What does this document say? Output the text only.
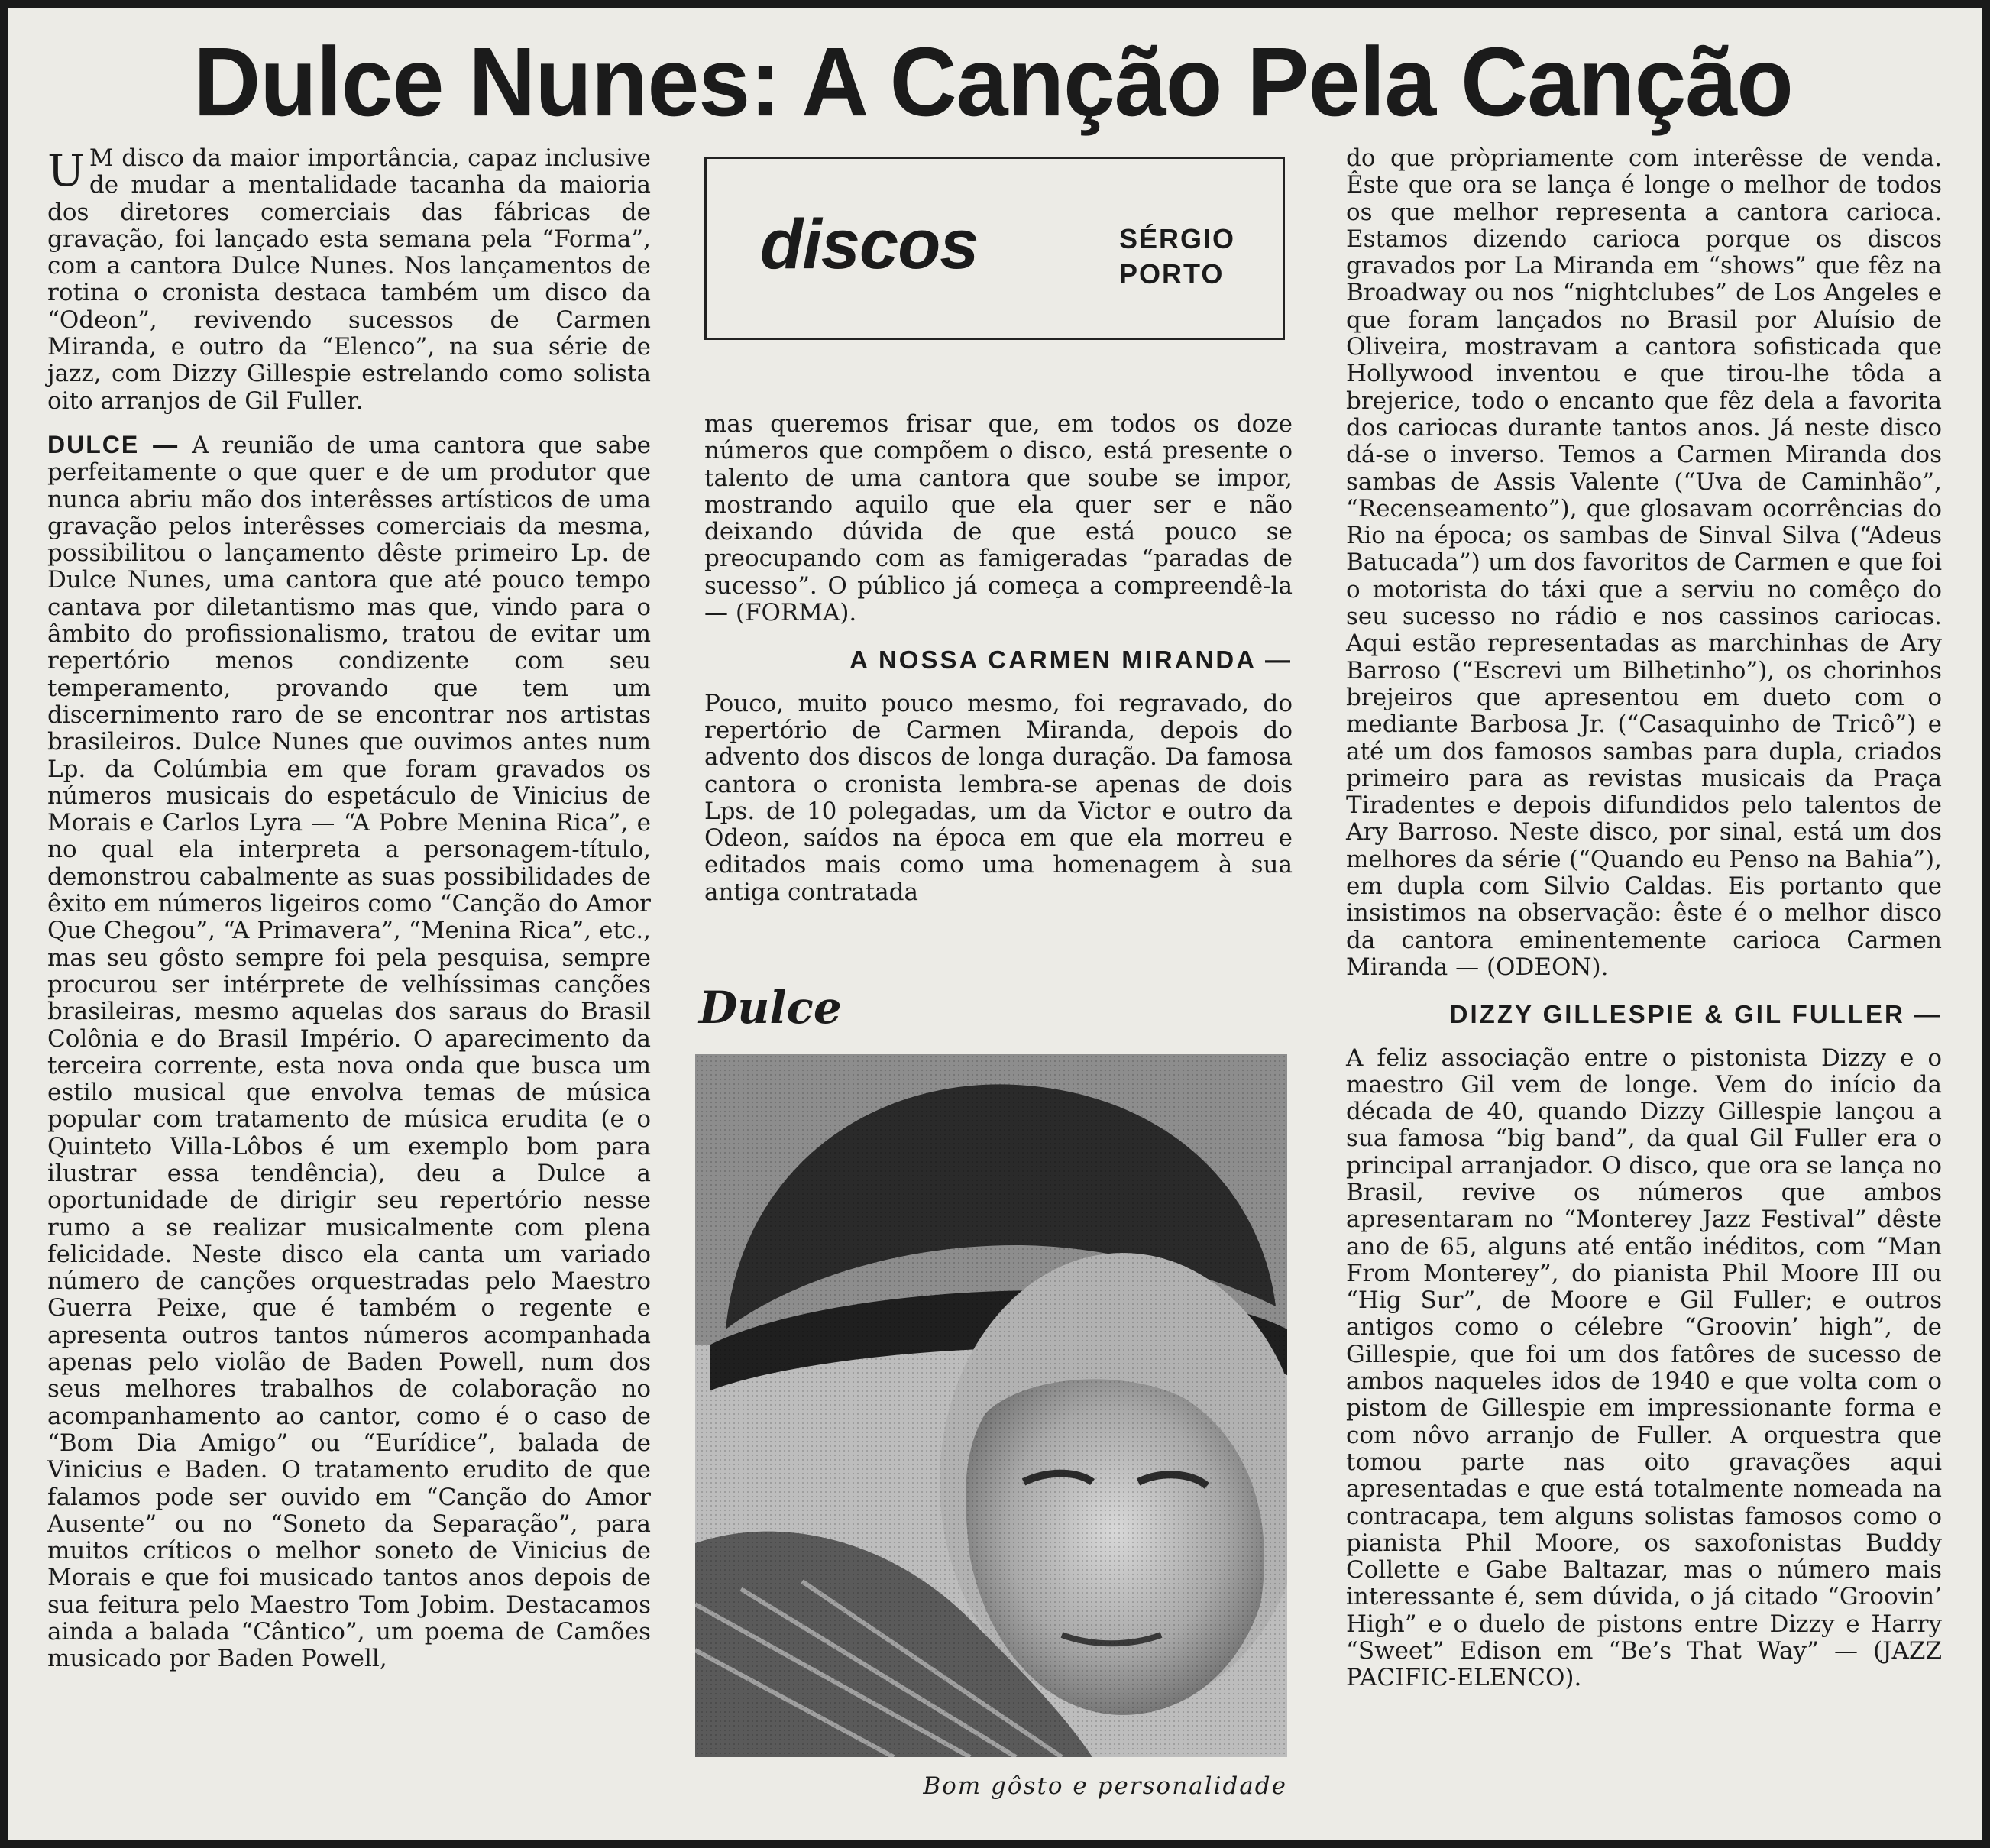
Dulce Nunes: A Canção Pela Canção

U M disco da maior importância, capaz inclusive de mudar a mentalidade tacanha da maioria dos diretores comerciais das fábricas de gravação, foi lançado esta semana pela “Forma”, com a cantora Dulce Nunes. Nos lançamentos de rotina o cronista destaca também um disco da “Odeon”, revivendo sucessos de Carmen Miranda, e outro da “Elenco”, na sua série de jazz, com Dizzy Gillespie estrelando como solista oito arranjos de Gil Fuller.

DULCE — A reunião de uma cantora que sabe perfeitamente o que quer e de um produtor que nunca abriu mão dos interêsses artísticos de uma gravação pelos interêsses comerciais da mesma, possibilitou o lançamento dêste primeiro Lp. de Dulce Nunes, uma cantora que até pouco tempo cantava por diletantismo mas que, vindo para o âmbito do profissionalismo, tratou de evitar um repertório menos condizente com seu temperamento, provando que tem um discernimento raro de se encontrar nos artistas brasileiros. Dulce Nunes que ouvimos antes num Lp. da Colúmbia em que foram gravados os números musicais do espetáculo de Vinicius de Morais e Carlos Lyra — “A Pobre Menina Rica”, e no qual ela interpreta a personagem-título, demonstrou cabalmente as suas possibilidades de êxito em números ligeiros como “Canção do Amor Que Chegou”, “A Primavera”, “Menina Rica”, etc., mas seu gôsto sempre foi pela pesquisa, sempre procurou ser intérprete de velhíssimas canções brasileiras, mesmo aquelas dos saraus do Brasil Colônia e do Brasil Império. O aparecimento da terceira corrente, esta nova onda que busca um estilo musical que envolva temas de música popular com tratamento de música erudita (e o Quinteto Villa-Lôbos é um exemplo bom para ilustrar essa tendência), deu a Dulce a oportunidade de dirigir seu repertório nesse rumo a se realizar musicalmente com plena felicidade. Neste disco ela canta um variado número de canções orquestradas pelo Maestro Guerra Peixe, que é também o regente e apresenta outros tantos números acompanhada apenas pelo violão de Baden Powell, num dos seus melhores trabalhos de colaboração no acompanhamento ao cantor, como é o caso de “Bom Dia Amigo” ou “Eurídice”, balada de Vinicius e Baden. O tratamento erudito de que falamos pode ser ouvido em “Canção do Amor Ausente” ou no “Soneto da Separação”, para muitos críticos o melhor soneto de Vinicius de Morais e que foi musicado tantos anos depois de sua feitura pelo Maestro Tom Jobim. Destacamos ainda a balada “Cântico”, um poema de Camões musicado por Baden Powell,

discos	SÉRGIO
PORTO

mas queremos frisar que, em todos os doze números que compõem o disco, está presente o talento de uma cantora que soube se impor, mostrando aquilo que ela quer ser e não deixando dúvida de que está pouco se preocupando com as famigeradas “paradas de sucesso”. O público já começa a compreendê-la — (FORMA).

A NOSSA CARMEN MIRANDA —

Pouco, muito pouco mesmo, foi regravado, do repertório de Carmen Miranda, depois do advento dos discos de longa duração. Da famosa cantora o cronista lembra-se apenas de dois Lps. de 10 polegadas, um da Victor e outro da Odeon, saídos na época em que ela morreu e editados mais como uma homenagem à sua antiga contratada

Dulce
Bom gôsto e personalidade

do que pròpriamente com interêsse de venda. Êste que ora se lança é longe o melhor de todos os que melhor representa a cantora carioca. Estamos dizendo carioca porque os discos gravados por La Miranda em “shows” que fêz na Broadway ou nos “nightclubes” de Los Angeles e que foram lançados no Brasil por Aluísio de Oliveira, mostravam a cantora sofisticada que Hollywood inventou e que tirou-lhe tôda a brejerice, todo o encanto que fêz dela a favorita dos cariocas durante tantos anos. Já neste disco dá-se o inverso. Temos a Carmen Miranda dos sambas de Assis Valente (“Uva de Caminhão”, “Recenseamento”), que glosavam ocorrências do Rio na época; os sambas de Sinval Silva (“Adeus Batucada”) um dos favoritos de Carmen e que foi o motorista do táxi que a serviu no comêço do seu sucesso no rádio e nos cassinos cariocas. Aqui estão representadas as marchinhas de Ary Barroso (“Escrevi um Bilhetinho”), os chorinhos brejeiros que apresentou em dueto com o mediante Barbosa Jr. (“Casaquinho de Tricô”) e até um dos famosos sambas para dupla, criados primeiro para as revistas musicais da Praça Tiradentes e depois difundidos pelo talentos de Ary Barroso. Neste disco, por sinal, está um dos melhores da série (“Quando eu Penso na Bahia”), em dupla com Silvio Caldas. Eis portanto que insistimos na observação: êste é o melhor disco da cantora eminentemente carioca Carmen Miranda — (ODEON).

DIZZY GILLESPIE & GIL FULLER —

A feliz associação entre o pistonista Dizzy e o maestro Gil vem de longe. Vem do início da década de 40, quando Dizzy Gillespie lançou a sua famosa “big band”, da qual Gil Fuller era o principal arranjador. O disco, que ora se lança no Brasil, revive os números que ambos apresentaram no “Monterey Jazz Festival” dêste ano de 65, alguns até então inéditos, com “Man From Monterey”, do pianista Phil Moore III ou “Hig Sur”, de Moore e Gil Fuller; e outros antigos como o célebre “Groovin’ high”, de Gillespie, que foi um dos fatôres de sucesso de ambos naqueles idos de 1940 e que volta com o pistom de Gillespie em impressionante forma e com nôvo arranjo de Fuller. A orquestra que tomou parte nas oito gravações aqui apresentadas e que está totalmente nomeada na contracapa, tem alguns solistas famosos como o pianista Phil Moore, os saxofonistas Buddy Collette e Gabe Baltazar, mas o número mais interessante é, sem dúvida, o já citado “Groovin’ High” e o duelo de pistons entre Dizzy e Harry “Sweet” Edison em “Be’s That Way” — (JAZZ PACIFIC-ELENCO).
